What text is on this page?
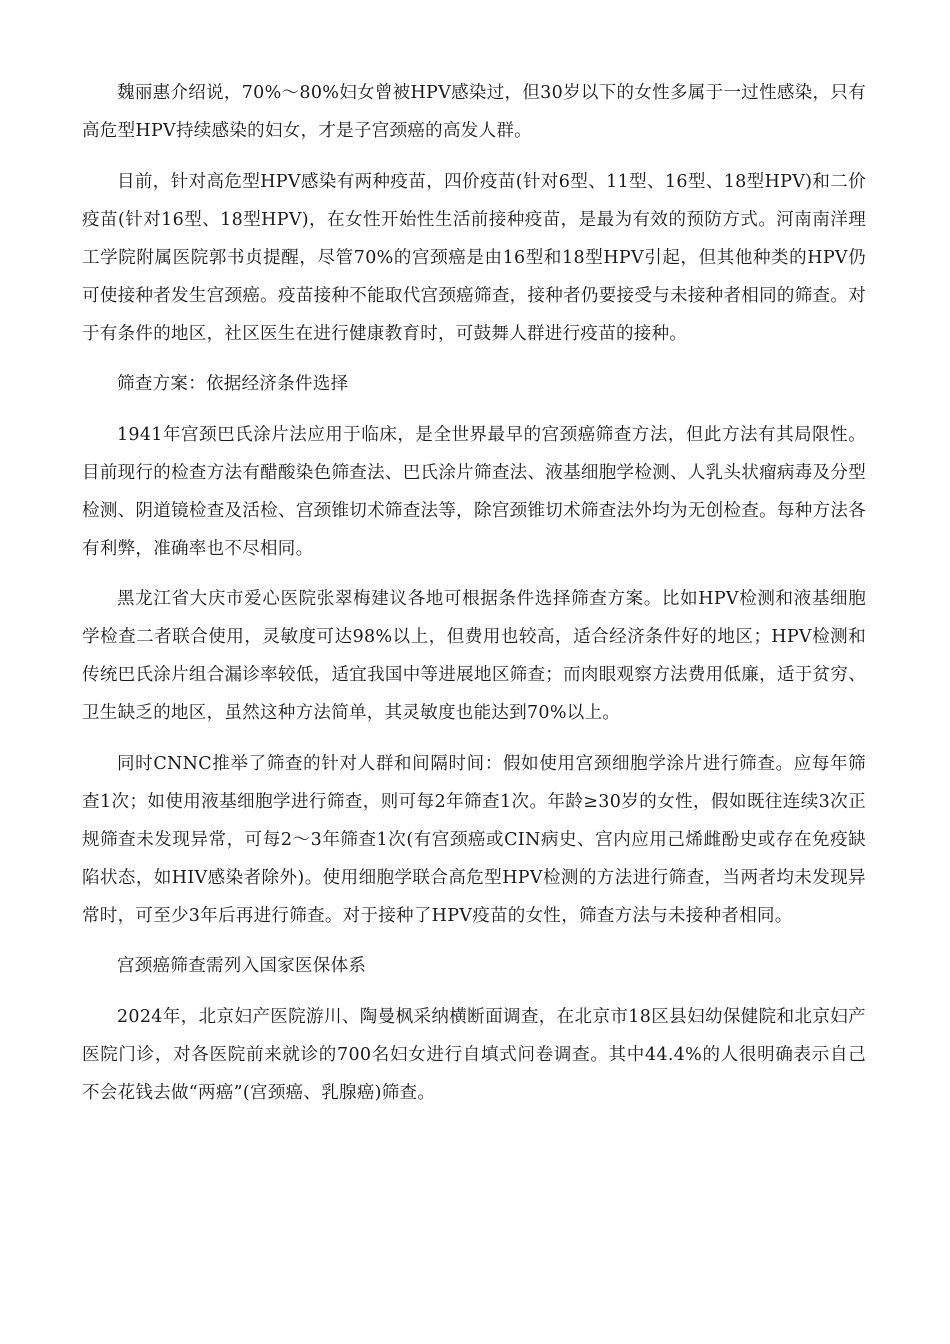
魏丽惠介绍说，70%～80%妇女曾被HPV感染过，但30岁以下的女性多属于一过性感染，只有高危型HPV持续感染的妇女，才是子宫颈癌的高发人群。

目前，针对高危型HPV感染有两种疫苗，四价疫苗(针对6型、11型、16型、18型HPV)和二价疫苗(针对16型、18型HPV)，在女性开始性生活前接种疫苗，是最为有效的预防方式。河南南洋理工学院附属医院郭书贞提醒，尽管70%的宫颈癌是由16型和18型HPV引起，但其他种类的HPV仍可使接种者发生宫颈癌。疫苗接种不能取代宫颈癌筛查，接种者仍要接受与未接种者相同的筛查。对于有条件的地区，社区医生在进行健康教育时，可鼓舞人群进行疫苗的接种。

筛查方案：依据经济条件选择

1941年宫颈巴氏涂片法应用于临床，是全世界最早的宫颈癌筛查方法，但此方法有其局限性。目前现行的检查方法有醋酸染色筛查法、巴氏涂片筛查法、液基细胞学检测、人乳头状瘤病毒及分型检测、阴道镜检查及活检、宫颈锥切术筛查法等，除宫颈锥切术筛查法外均为无创检查。每种方法各有利弊，准确率也不尽相同。

黑龙江省大庆市爱心医院张翠梅建议各地可根据条件选择筛查方案。比如HPV检测和液基细胞学检查二者联合使用，灵敏度可达98%以上，但费用也较高，适合经济条件好的地区；HPV检测和传统巴氏涂片组合漏诊率较低，适宜我国中等进展地区筛查；而肉眼观察方法费用低廉，适于贫穷、卫生缺乏的地区，虽然这种方法简单，其灵敏度也能达到70%以上。

同时CNNC推举了筛查的针对人群和间隔时间：假如使用宫颈细胞学涂片进行筛查。应每年筛查1次；如使用液基细胞学进行筛查，则可每2年筛查1次。年龄≥30岁的女性，假如既往连续3次正规筛查未发现异常，可每2～3年筛查1次(有宫颈癌或CIN病史、宫内应用己烯雌酚史或存在免疫缺陷状态，如HIV感染者除外)。使用细胞学联合高危型HPV检测的方法进行筛查，当两者均未发现异常时，可至少3年后再进行筛查。对于接种了HPV疫苗的女性，筛查方法与未接种者相同。

宫颈癌筛查需列入国家医保体系

2024年，北京妇产医院游川、陶曼枫采纳横断面调查，在北京市18区县妇幼保健院和北京妇产医院门诊，对各医院前来就诊的700名妇女进行自填式问卷调查。其中44.4%的人很明确表示自己不会花钱去做“两癌”(宫颈癌、乳腺癌)筛查。
